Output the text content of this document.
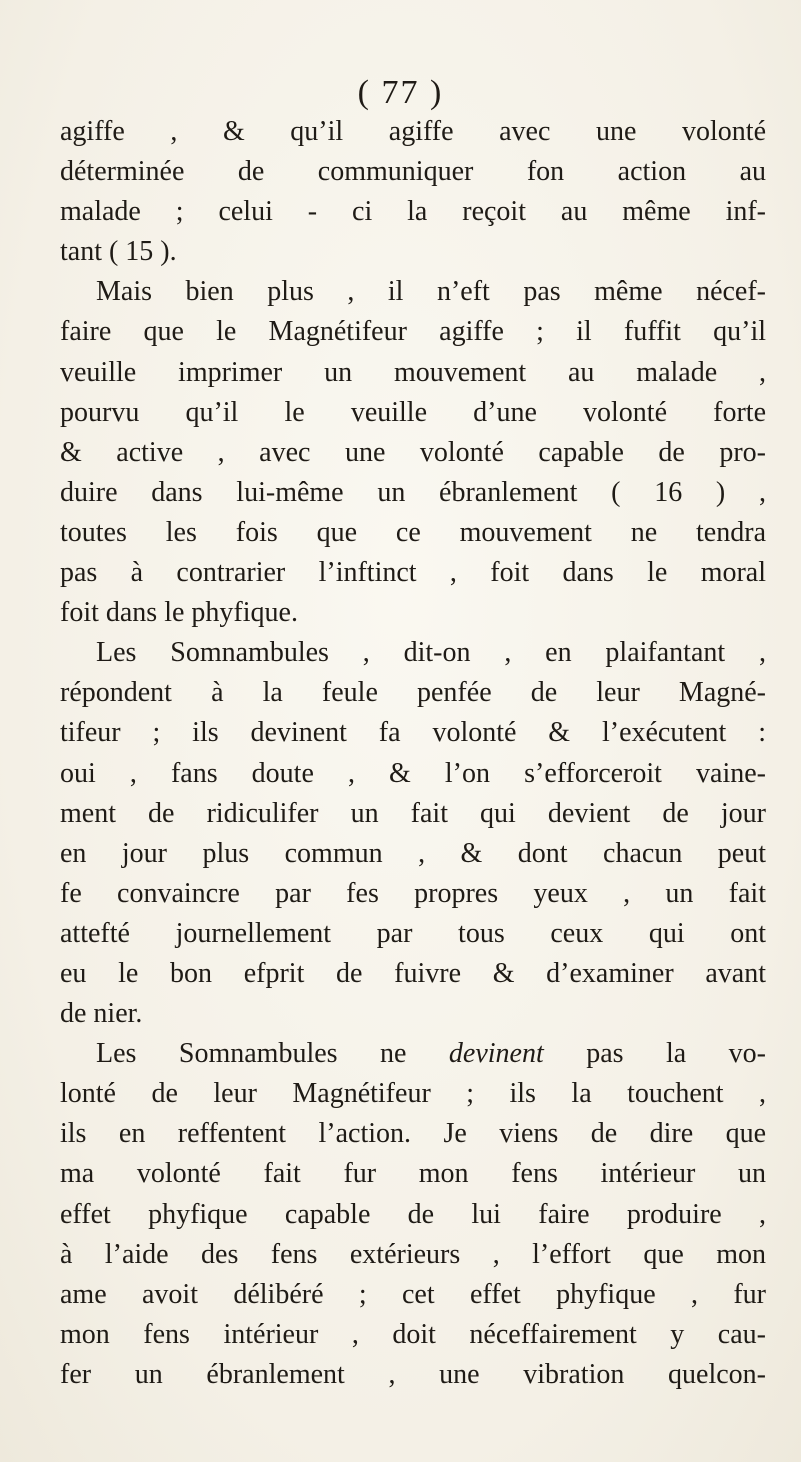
( 77 )
agiffe , & qu’il agiffe avec une volonté
déterminée de communiquer fon action au
malade ; celui - ci la reçoit au même inf-
tant ( 15 ).
Mais bien plus , il n’eft pas même nécef-
faire que le Magnétifeur agiffe ; il fuffit qu’il
veuille imprimer un mouvement au malade ,
pourvu qu’il le veuille d’une volonté forte
& active , avec une volonté capable de pro-
duire dans lui-même un ébranlement ( 16 ) ,
toutes les fois que ce mouvement ne tendra
pas à contrarier l’inftinct , foit dans le moral
foit dans le phyfique.
Les Somnambules , dit-on , en plaifantant ,
répondent à la feule penfée de leur Magné-
tifeur ; ils devinent fa volonté & l’exécutent :
oui , fans doute , & l’on s’efforceroit vaine-
ment de ridiculifer un fait qui devient de jour
en jour plus commun , & dont chacun peut
fe convaincre par fes propres yeux , un fait
attefté journellement par tous ceux qui ont
eu le bon efprit de fuivre & d’examiner avant
de nier.
Les Somnambules ne devinent pas la vo-
lonté de leur Magnétifeur ; ils la touchent ,
ils en reffentent l’action. Je viens de dire que
ma volonté fait fur mon fens intérieur un
effet phyfique capable de lui faire produire ,
à l’aide des fens extérieurs , l’effort que mon
ame avoit délibéré ; cet effet phyfique , fur
mon fens intérieur , doit néceffairement y cau-
fer un ébranlement , une vibration quelcon-
